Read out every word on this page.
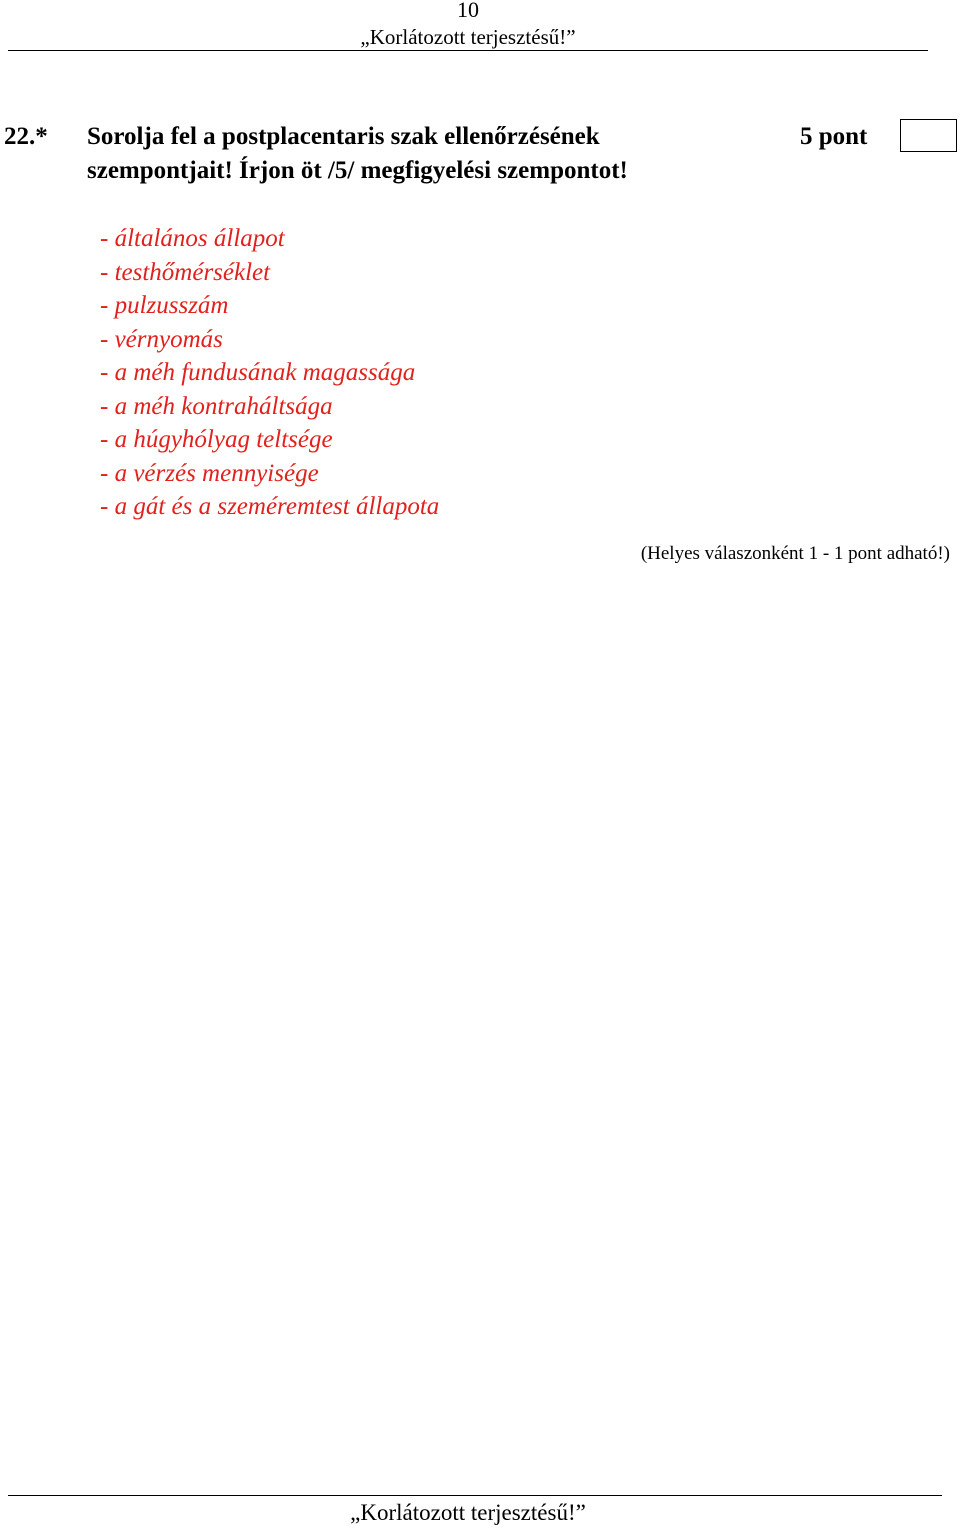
10
„Korlátozott terjesztésű!”
22.* Sorolja fel a postplacentaris szak ellenőrzésének
szempontjait! Írjon öt /5/ megfigyelési szempontot!
5 pont
- általános állapot
- testhőmérséklet
- pulzusszám
- vérnyomás
- a méh fundusának magassága
- a méh kontraháltsága
- a húgyhólyag teltsége
- a vérzés mennyisége
- a gát és a szeméremtest állapota
(Helyes válaszonként 1 - 1 pont adható!)
„Korlátozott terjesztésű!”
